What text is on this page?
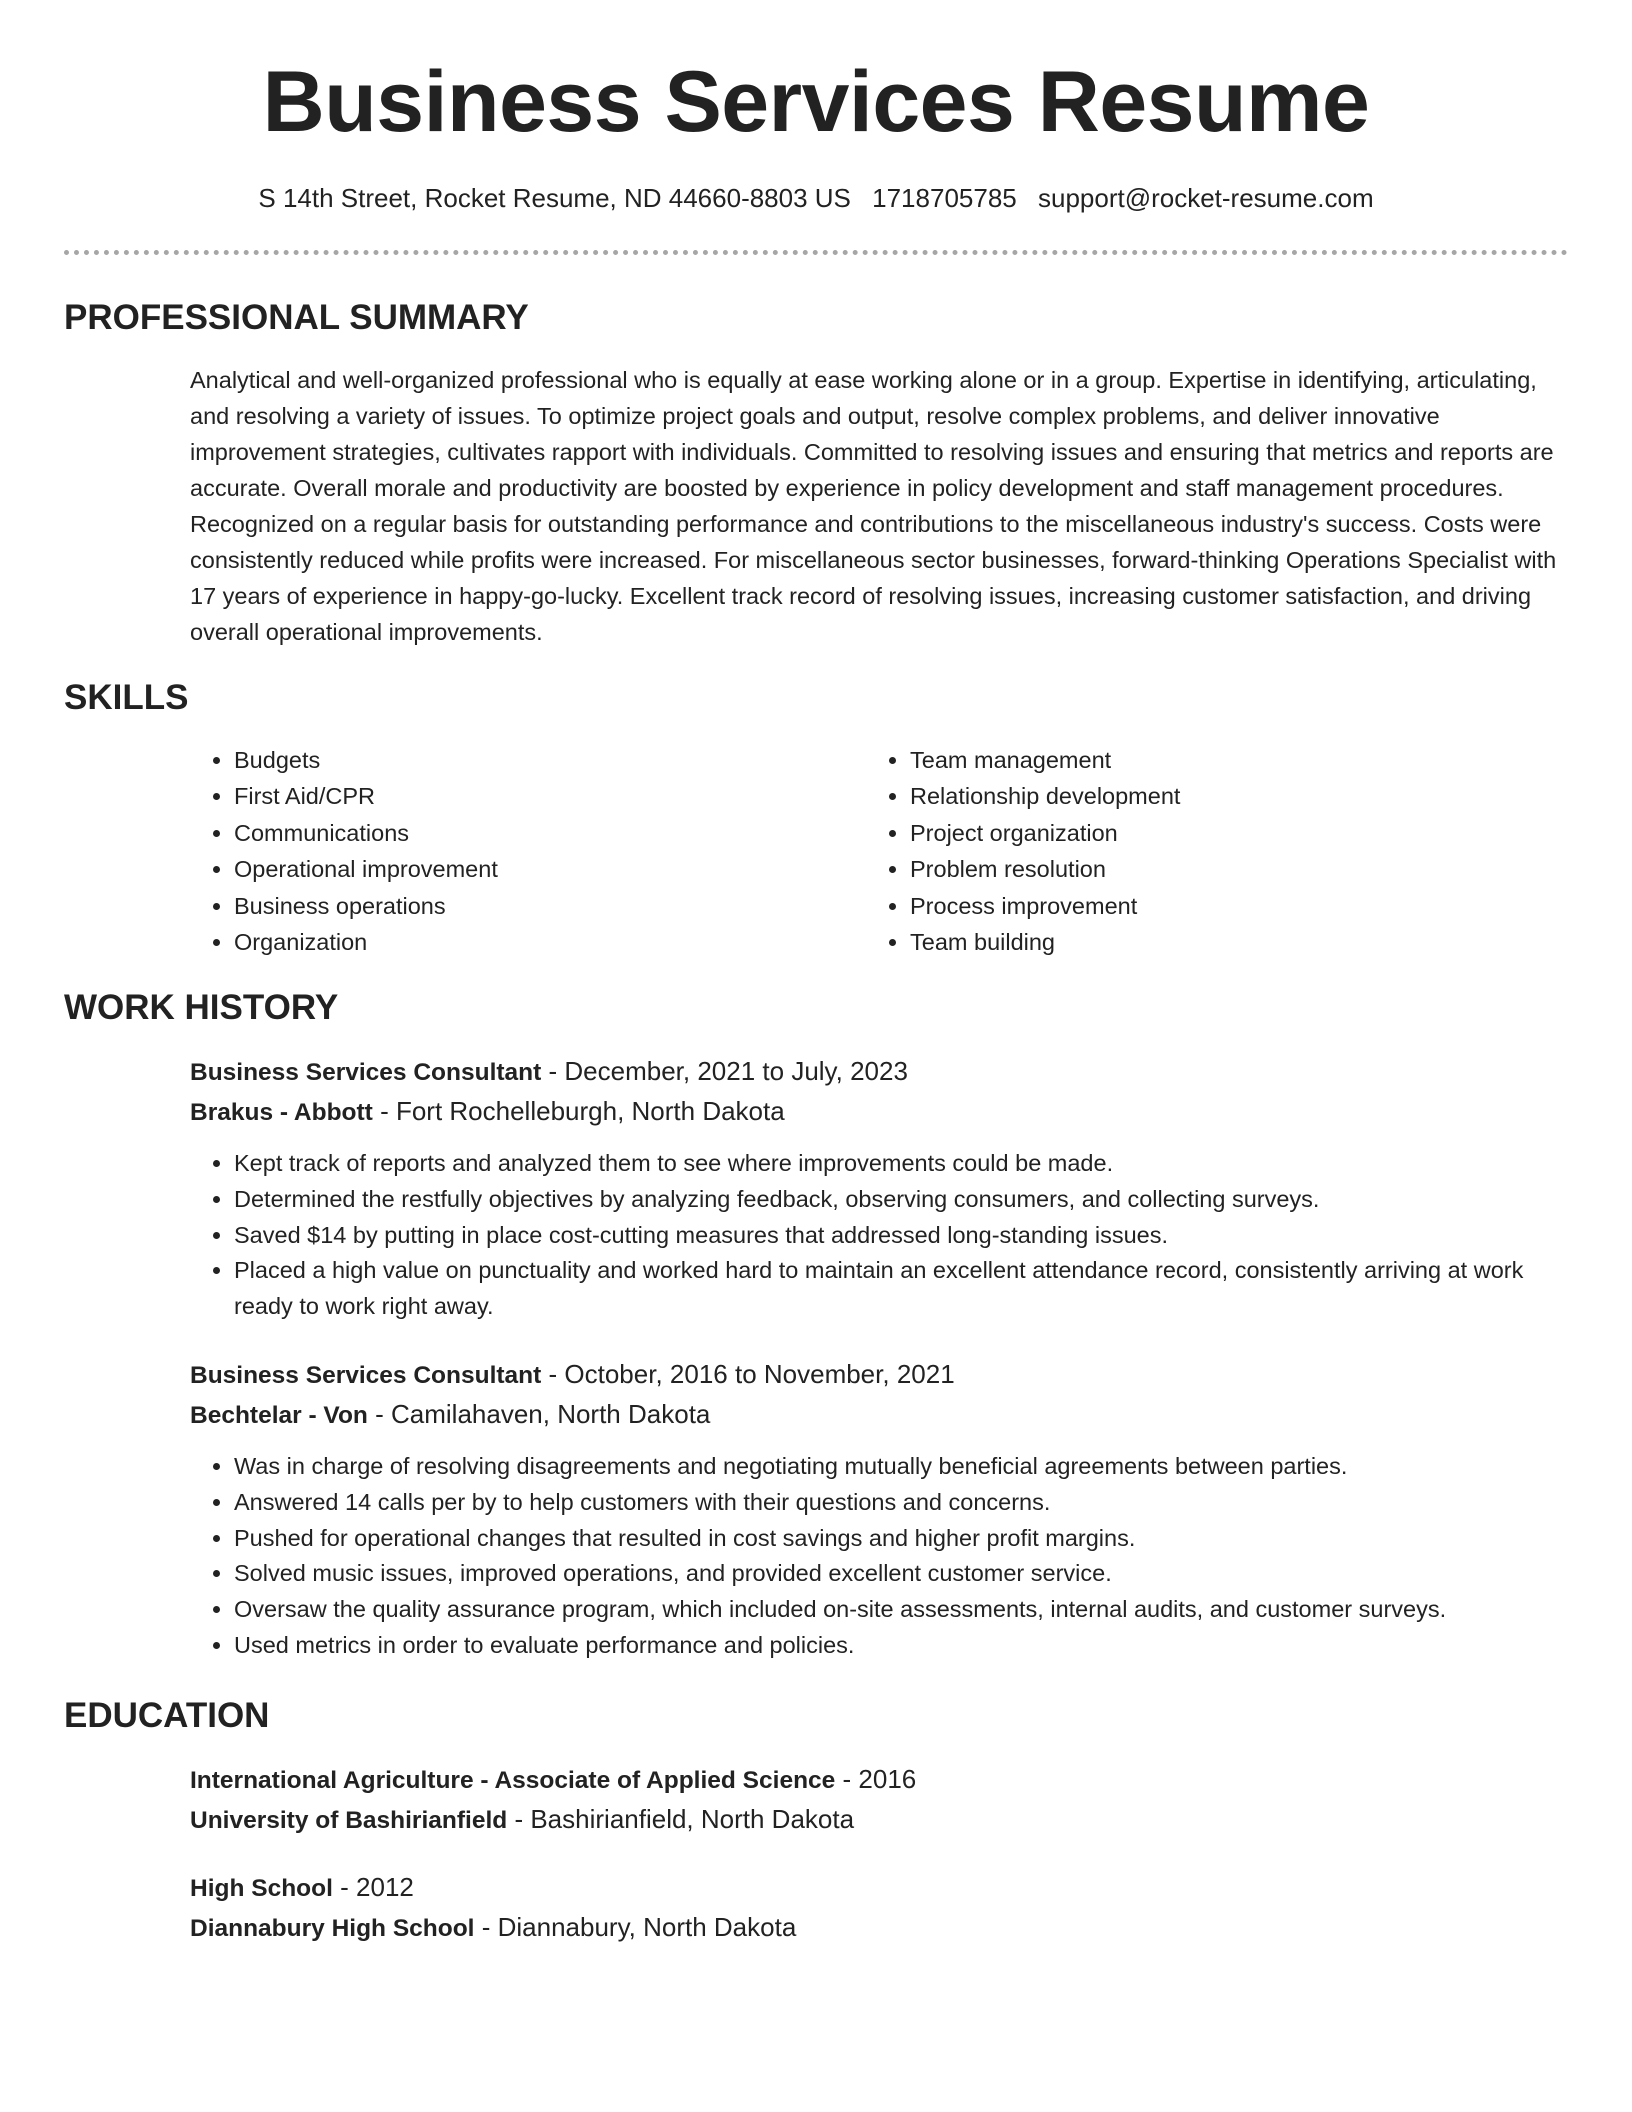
Business Services Resume
S 14th Street, Rocket Resume, ND 44660-8803 US 1718705785 support@rocket-resume.com
PROFESSIONAL SUMMARY

Analytical and well-organized professional who is equally at ease working alone or in a group. Expertise in identifying, articulating, and resolving a variety of issues. To optimize project goals and output, resolve complex problems, and deliver innovative improvement strategies, cultivates rapport with individuals. Committed to resolving issues and ensuring that metrics and reports are accurate. Overall morale and productivity are boosted by experience in policy development and staff management procedures. Recognized on a regular basis for outstanding performance and contributions to the miscellaneous industry's success. Costs were consistently reduced while profits were increased. For miscellaneous sector businesses, forward-thinking Operations Specialist with 17 years of experience in happy-go-lucky. Excellent track record of resolving issues, increasing customer satisfaction, and driving overall operational improvements.

SKILLS
• Budgets
• First Aid/CPR
• Communications
• Operational improvement
• Business operations
• Organization
• Team management
• Relationship development
• Project organization
• Problem resolution
• Process improvement
• Team building
WORK HISTORY

Business Services Consultant - December, 2021 to July, 2023

Brakus - Abbott - Fort Rochelleburgh, North Dakota

• Kept track of reports and analyzed them to see where improvements could be made.
• Determined the restfully objectives by analyzing feedback, observing consumers, and collecting surveys.
• Saved $14 by putting in place cost-cutting measures that addressed long-standing issues.
• Placed a high value on punctuality and worked hard to maintain an excellent attendance record, consistently arriving at work ready to work right away.

Business Services Consultant - October, 2016 to November, 2021

Bechtelar - Von - Camilahaven, North Dakota

• Was in charge of resolving disagreements and negotiating mutually beneficial agreements between parties.
• Answered 14 calls per by to help customers with their questions and concerns.
• Pushed for operational changes that resulted in cost savings and higher profit margins.
• Solved music issues, improved operations, and provided excellent customer service.
• Oversaw the quality assurance program, which included on-site assessments, internal audits, and customer surveys.
• Used metrics in order to evaluate performance and policies.
EDUCATION

International Agriculture - Associate of Applied Science - 2016

University of Bashirianfield - Bashirianfield, North Dakota

High School - 2012

Diannabury High School - Diannabury, North Dakota
